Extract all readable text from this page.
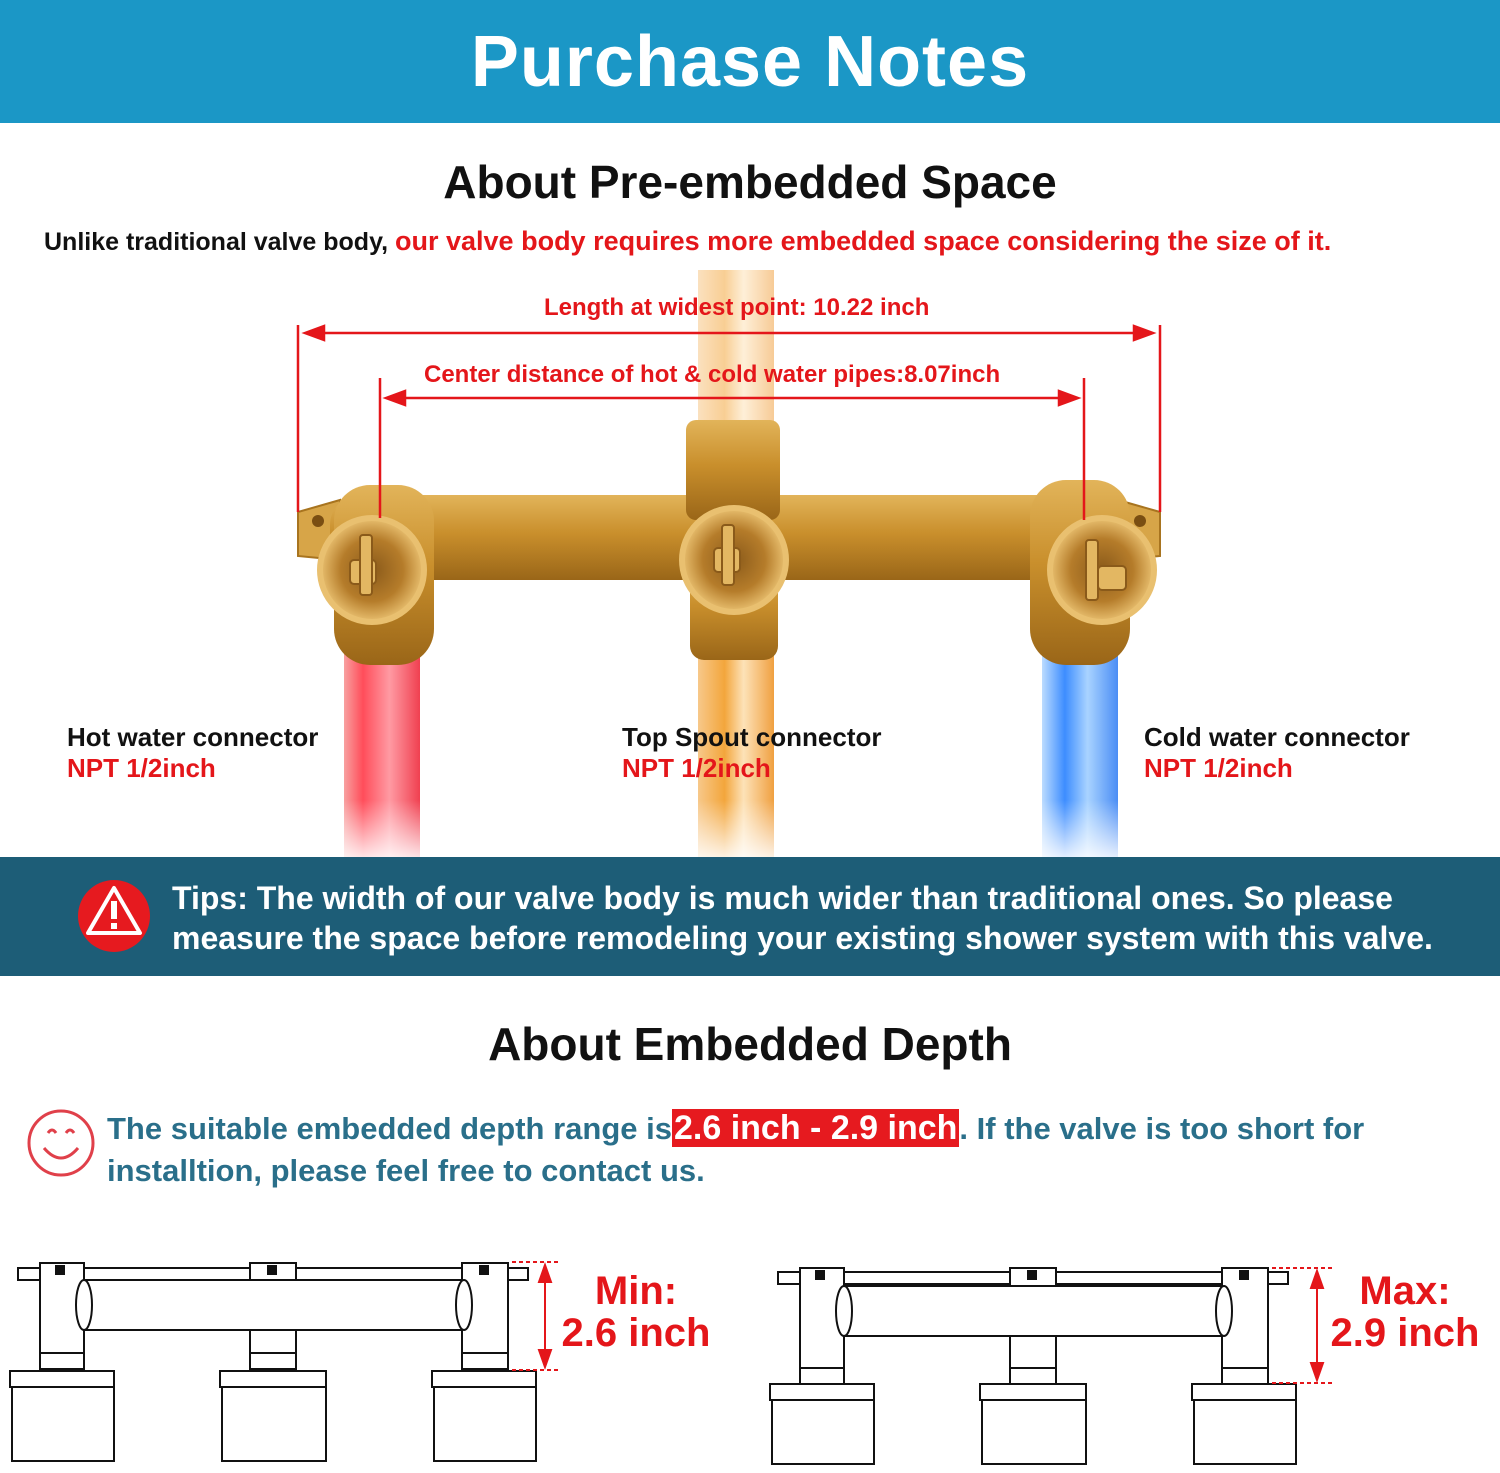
Purchase Notes
About Pre-embedded Space
Unlike traditional valve body, our valve body requires more embedded space considering the size of it.
Length at widest point: 10.22 inch
Center distance of hot & cold water pipes:8.07inch
Hot water connector
NPT 1/2inch
Top Spout connector
NPT 1/2inch
Cold water connector
NPT 1/2inch
Tips: The width of our valve body is much wider than traditional ones. So please measure the space before remodeling your existing shower system with this valve.
About Embedded Depth
The suitable embedded depth range is2.6 inch - 2.9 inch. If the valve is too short for installtion, please feel free to contact us.
Min:
2.6 inch
Max:
2.9 inch
